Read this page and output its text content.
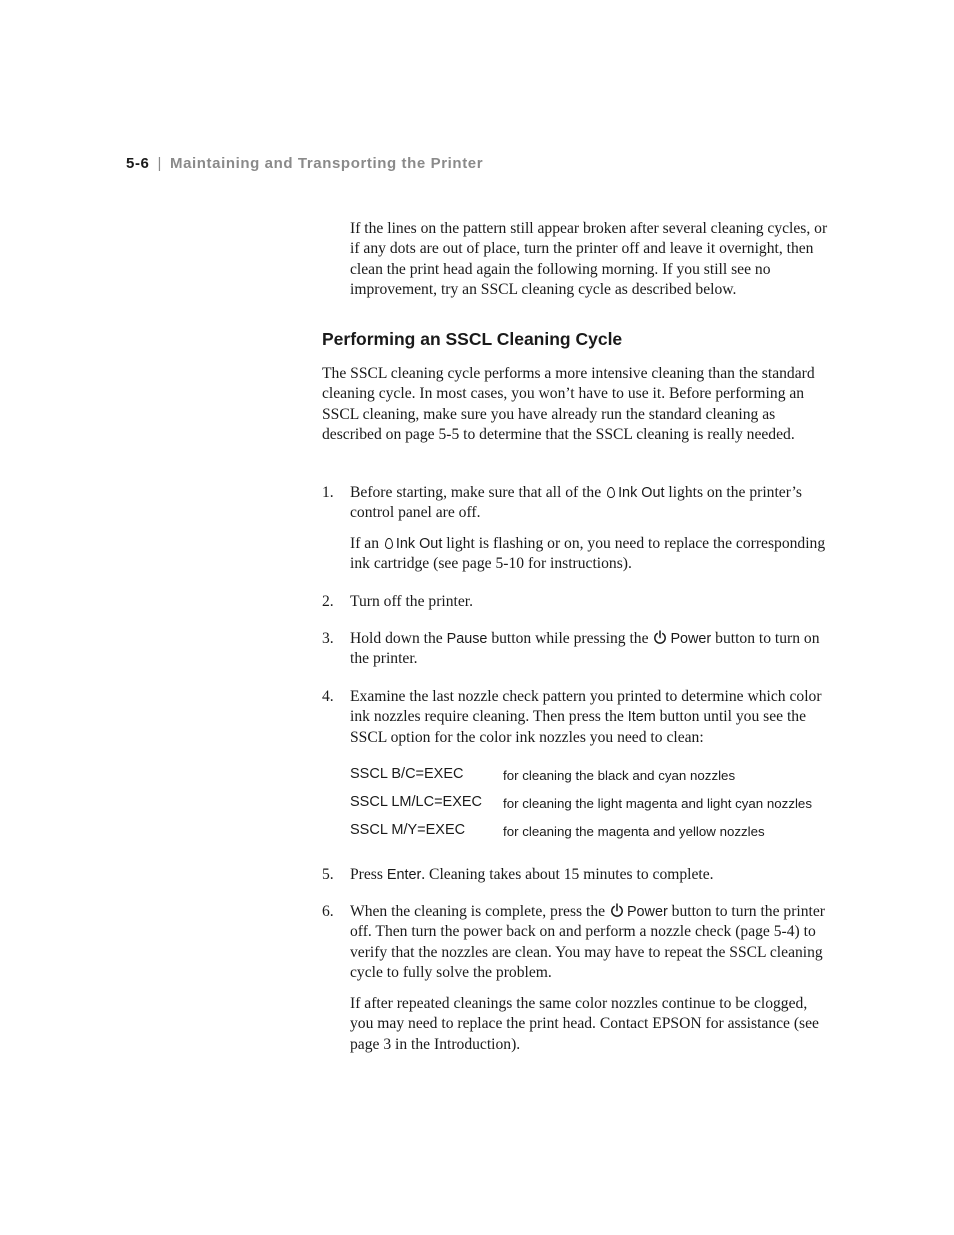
5-6 | Maintaining and Transporting the Printer

If the lines on the pattern still appear broken after several cleaning cycles, or if any dots are out of place, turn the printer off and leave it overnight, then clean the print head again the following morning. If you still see no improvement, try an SSCL cleaning cycle as described below.

Performing an SSCL Cleaning Cycle

The SSCL cleaning cycle performs a more intensive cleaning than the standard cleaning cycle. In most cases, you won’t have to use it. Before performing an SSCL cleaning, make sure you have already run the standard cleaning as described on page 5-5 to determine that the SSCL cleaning is really needed.

1. Before starting, make sure that all of the Ink Out lights on the printer’s control panel are off.
If an Ink Out light is flashing or on, you need to replace the corresponding ink cartridge (see page 5-10 for instructions).
2. Turn off the printer.
3. Hold down the Pause button while pressing the Power button to turn on the printer.
4. Examine the last nozzle check pattern you printed to determine which color ink nozzles require cleaning. Then press the Item button until you see the SSCL option for the color ink nozzles you need to clean:
SSCL B/C=EXEC	for cleaning the black and cyan nozzles
SSCL LM/LC=EXEC for cleaning the light magenta and light cyan nozzles
SSCL M/Y=EXEC	for cleaning the magenta and yellow nozzles
5. Press Enter. Cleaning takes about 15 minutes to complete.
6. When the cleaning is complete, press the Power button to turn the printer off. Then turn the power back on and perform a nozzle check (page 5-4) to verify that the nozzles are clean. You may have to repeat the SSCL cleaning cycle to fully solve the problem.
If after repeated cleanings the same color nozzles continue to be clogged, you may need to replace the print head. Contact EPSON for assistance (see page 3 in the Introduction).
